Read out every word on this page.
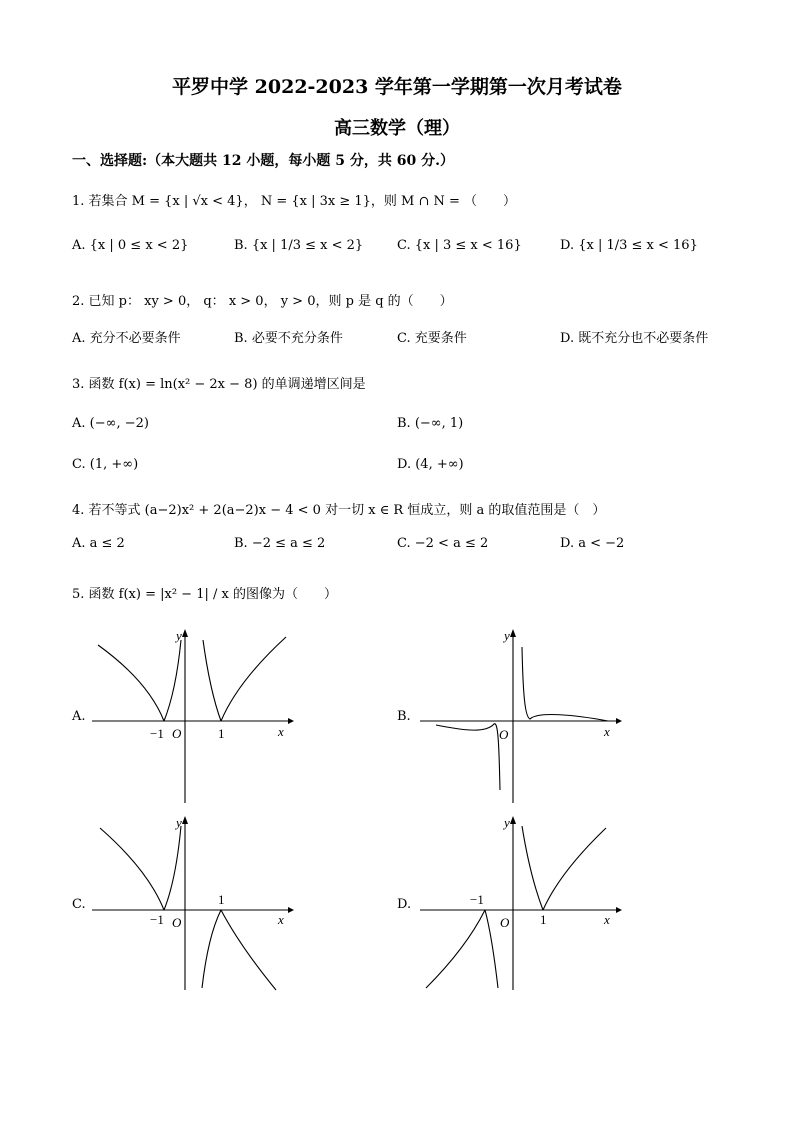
平罗中学 2022-2023 学年第一学期第一次月考试卷
高三数学（理）
一、选择题:（本大题共 12 小题，每小题 5 分，共 60 分.）
1. 若集合 M = {x | √x < 4}， N = {x | 3x ≥ 1}，则 M ∩ N = （　　）
A. {x | 0 ≤ x < 2}	B. {x | 1/3 ≤ x < 2}	C. {x | 3 ≤ x < 16}	D. {x | 1/3 ≤ x < 16}
2. 已知 p： xy > 0， q： x > 0， y > 0，则 p 是 q 的（　　）
A. 充分不必要条件	B. 必要不充分条件	C. 充要条件	D. 既不充分也不必要条件
3. 函数 f(x) = ln(x² − 2x − 8) 的单调递增区间是
A. (−∞, −2)	B. (−∞, 1)
C. (1, +∞)	D. (4, +∞)
4. 若不等式 (a−2)x² + 2(a−2)x − 4 < 0 对一切 x ∈ R 恒成立，则 a 的取值范围是（　）
A. a ≤ 2	B. −2 ≤ a ≤ 2	C. −2 < a ≤ 2	D. a < −2
5. 函数 f(x) = |x² − 1| / x 的图像为（　　）
A.	B.
C.	D.
y
x
O
−1	1
y
x
O
y
x
O
−1
1
y
x
O
−1
1
